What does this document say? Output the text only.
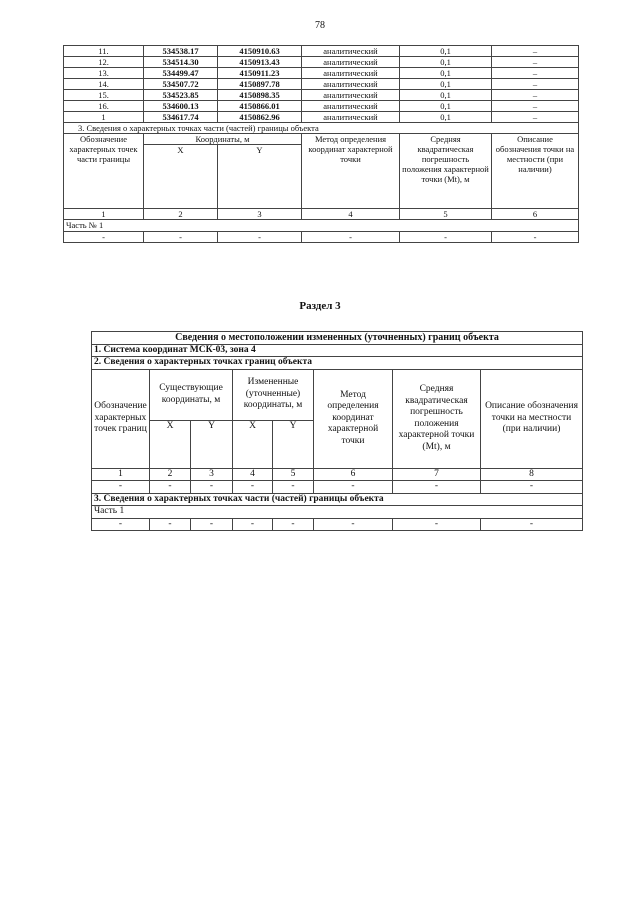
78
11.	534538.17	4150910.63	аналитический	0,1	–
12.	534514.30	4150913.43	аналитический	0,1	–
13.	534499.47	4150911.23	аналитический	0,1	–
14.	534507.72	4150897.78	аналитический	0,1	–
15.	534523.85	4150898.35	аналитический	0,1	–
16.	534600.13	4150866.01	аналитический	0,1	–
1	534617.74	4150862.96	аналитический	0,1	–
3. Сведения о характерных точках части (частей) границы объекта					
Обозначение характерных точек части границы	Координаты, м		Метод определения координат характерной точки	Средняя квадратическая погрешность положения характерной точки (Mt), м	Описание обозначения точки на местности (при наличии)
	X	Y			
1	2	3	4	5	6
Часть № 1					
-	-	-	-	-	-
Раздел 3
Сведения о местоположении измененных (уточненных) границ объекта							
1. Система координат МСК-03, зона 4							
2. Сведения о характерных точках границ объекта							
Обозначение характерных точек границ	Существующие координаты, м		Измененные (уточненные) координаты, м		Метод определения координат характерной точки	Средняя квадратическая погрешность положения характерной точки (Mt), м	Описание обозначения точки на местности (при наличии)
	X	Y	X	Y			
1	2	3	4	5	6	7	8
-	-	-	-	-	-	-	-
3. Сведения о характерных точках части (частей) границы объекта							
Часть 1							
-	-	-	-	-	-	-	-
